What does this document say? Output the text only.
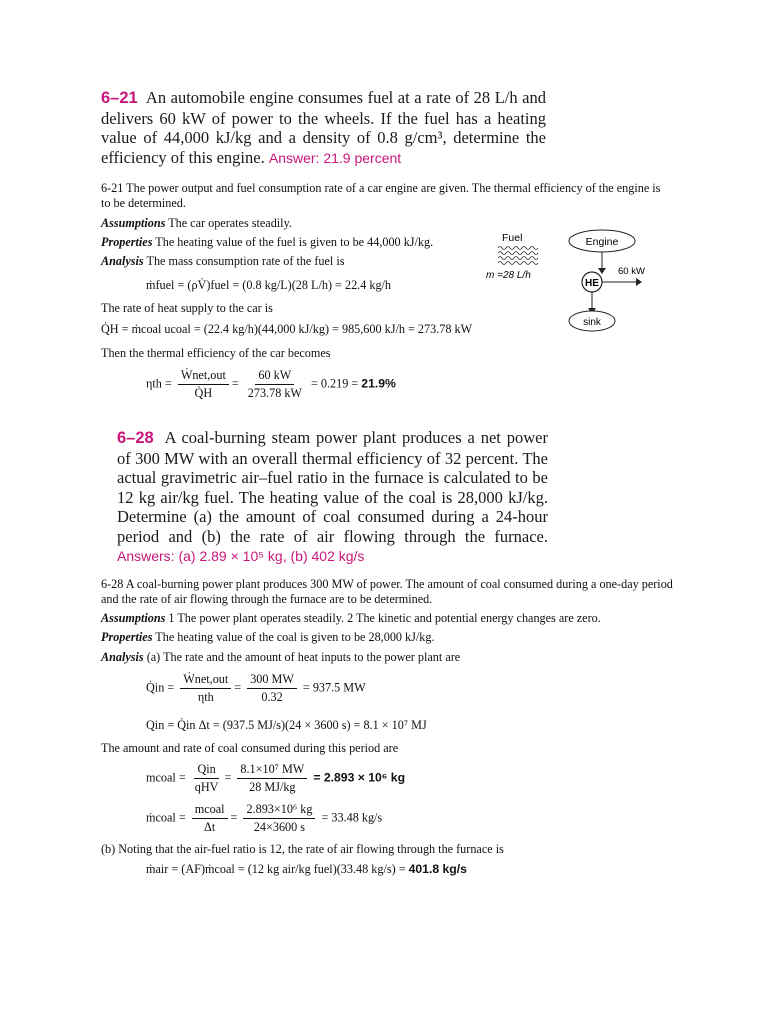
6–21 An automobile engine consumes fuel at a rate of 28 L/h and delivers 60 kW of power to the wheels. If the fuel has a heating value of 44,000 kJ/kg and a density of 0.8 g/cm³, determine the efficiency of this engine. Answer: 21.9 percent
6-21 The power output and fuel consumption rate of a car engine are given. The thermal efficiency of the engine is to be determined.
Assumptions The car operates steadily.
Properties The heating value of the fuel is given to be 44,000 kJ/kg.
Analysis The mass consumption rate of the fuel is
ṁfuel = (ρV̇)fuel = (0.8 kg/L)(28 L/h) = 22.4 kg/h
The rate of heat supply to the car is
Q̇H = ṁcoal ucoal = (22.4 kg/h)(44,000 kJ/kg) = 985,600 kJ/h = 273.78 kW
Then the thermal efficiency of the car becomes
$\eta th = \frac{\text{Ẇnet,out}}{Q̇H} = \frac{60 kW}{273.78 kW} = 0.219 = 21.9\%$
Fuel
m =28 L/h
Engine
HE
60 kW
sink
6–28 A coal-burning steam power plant produces a net power of 300 MW with an overall thermal efficiency of 32 percent. The actual gravimetric air–fuel ratio in the furnace is calculated to be 12 kg air/kg fuel. The heating value of the coal is 28,000 kJ/kg. Determine (a) the amount of coal consumed during a 24-hour period and (b) the rate of air flowing through the furnace. Answers: (a) 2.89 × 10⁵ kg, (b) 402 kg/s
6-28 A coal-burning power plant produces 300 MW of power. The amount of coal consumed during a one-day period and the rate of air flowing through the furnace are to be determined.
Assumptions 1 The power plant operates steadily. 2 The kinetic and potential energy changes are zero.
Properties The heating value of the coal is given to be 28,000 kJ/kg.
Analysis (a) The rate and the amount of heat inputs to the power plant are
Q̇in = $\frac{\text{Ẇnet,out}}{\text{ηth}} = \frac{300 MW}{0.32} = 937.5$ MW
Qin = Q̇in Δt = (937.5 MJ/s)(24 × 3600 s) = 8.1 × 10⁷ MJ
The amount and rate of coal consumed during this period are
mcoal = $\frac{\text{Qin}}{\text{qHV}} = \frac{\text{8.1×10⁷ MW}}{28 MJ/kg} = 2.893 \times 10^6$ kg
ṁcoal = $\frac{\text{mcoal}}{\Delta t} = \frac{\text{2.893×10⁶ kg}}{24\times 3600 s} = 33.48$ kg/s
(b) Noting that the air-fuel ratio is 12, the rate of air flowing through the furnace is
ṁair = (AF)ṁcoal = (12 kg air/kg fuel)(33.48 kg/s) = 401.8 kg/s
